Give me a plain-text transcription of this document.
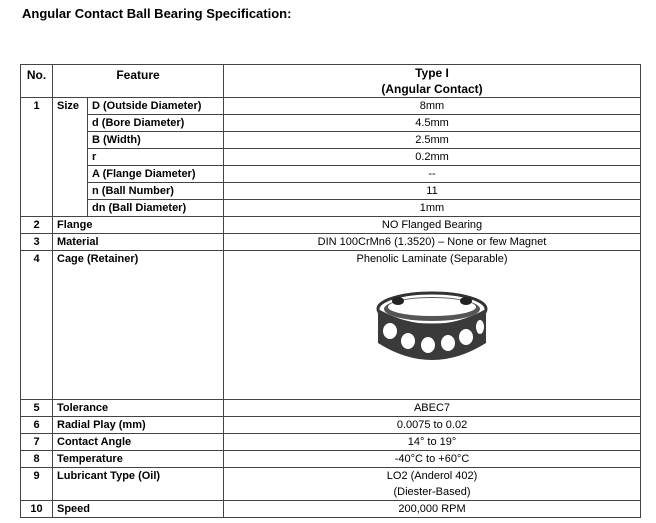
Angular Contact Ball Bearing Specification:
No.	Feature		Type I
(Angular Contact)

1	Size	D (Outside Diameter)	8mm
		d (Bore Diameter)	4.5mm
		B (Width)	2.5mm
		r	0.2mm
		A (Flange Diameter)	--
		n (Ball Number)	11
		dn (Ball Diameter)	1mm
2	Flange		NO Flanged Bearing
3	Material		DIN 100CrMn6 (1.3520) – None or few Magnet
4	Cage (Retainer)		Phenolic Laminate (Separable)

5	Tolerance		ABEC7
6	Radial Play (mm)		0.0075 to 0.02
7	Contact Angle		14° to 19°
8	Temperature		-40°C to +60°C
9	Lubricant Type (Oil)		LO2 (Anderol 402)
(Diester-Based)

10	Speed		200,000 RPM
